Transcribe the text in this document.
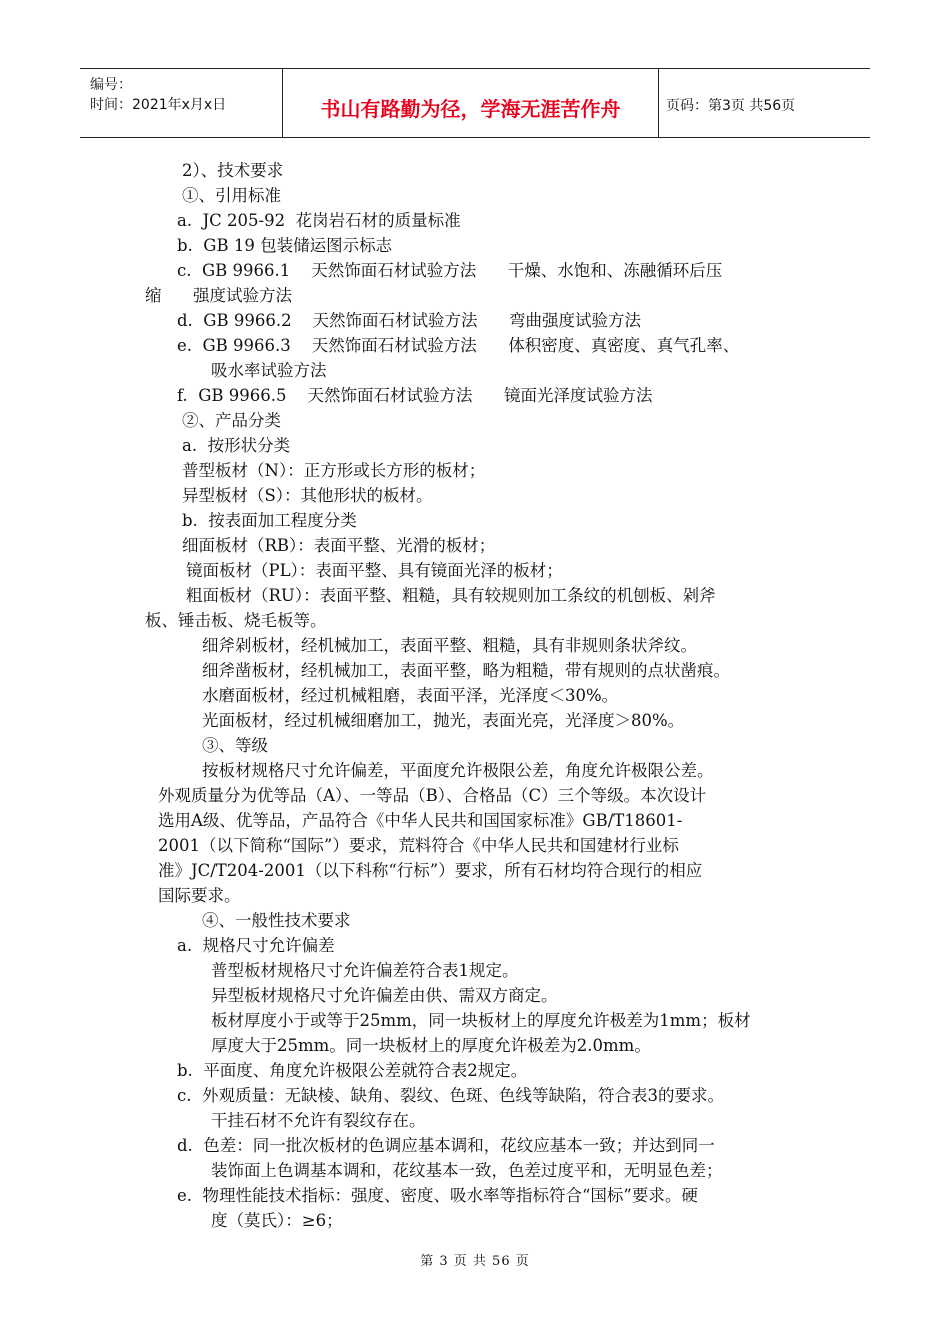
编号：
时间：2021年x月x日	书山有路勤为径，学海无涯苦作舟	页码：第3页 共56页
2）、技术要求
①、引用标准
a.  JC 205-92  花岗岩石材的质量标准
b.  GB 19 包装储运图示标志
c.  GB 9966.1    天然饰面石材试验方法      干燥、水饱和、冻融循环后压
缩      强度试验方法
d.  GB 9966.2    天然饰面石材试验方法      弯曲强度试验方法
e.  GB 9966.3    天然饰面石材试验方法      体积密度、真密度、真气孔率、
吸水率试验方法
f.  GB 9966.5    天然饰面石材试验方法      镜面光泽度试验方法
②、产品分类
a.  按形状分类
普型板材（N）：正方形或长方形的板材；
异型板材（S）：其他形状的板材。
b.  按表面加工程度分类
细面板材（RB）：表面平整、光滑的板材；
镜面板材（PL）：表面平整、具有镜面光泽的板材；
粗面板材（RU）：表面平整、粗糙，具有较规则加工条纹的机刨板、剁斧
板、锤击板、烧毛板等。
细斧剁板材，经机械加工，表面平整、粗糙，具有非规则条状斧纹。
细斧凿板材，经机械加工，表面平整，略为粗糙，带有规则的点状凿痕。
水磨面板材，经过机械粗磨，表面平泽，光泽度＜30%。
光面板材，经过机械细磨加工，抛光，表面光亮，光泽度＞80%。
③、等级
按板材规格尺寸允许偏差，平面度允许极限公差，角度允许极限公差。
外观质量分为优等品（A）、一等品（B）、合格品（C）三个等级。本次设计
选用A级、优等品，产品符合《中华人民共和国国家标准》GB/T18601-
2001（以下简称“国际”）要求，荒料符合《中华人民共和国建材行业标
准》JC/T204-2001（以下科称“行标”）要求，所有石材均符合现行的相应
国际要求。
④、一般性技术要求
a.  规格尺寸允许偏差
普型板材规格尺寸允许偏差符合表1规定。
异型板材规格尺寸允许偏差由供、需双方商定。
板材厚度小于或等于25mm，同一块板材上的厚度允许极差为1mm；板材
厚度大于25mm。同一块板材上的厚度允许极差为2.0mm。
b.  平面度、角度允许极限公差就符合表2规定。
c.  外观质量：无缺棱、缺角、裂纹、色斑、色线等缺陷，符合表3的要求。
干挂石材不允许有裂纹存在。
d.  色差：同一批次板材的色调应基本调和，花纹应基本一致；并达到同一
装饰面上色调基本调和，花纹基本一致，色差过度平和，无明显色差；
e.  物理性能技术指标：强度、密度、吸水率等指标符合“国标”要求。硬
度（莫氏）：≥6；
第 3 页 共 56 页
